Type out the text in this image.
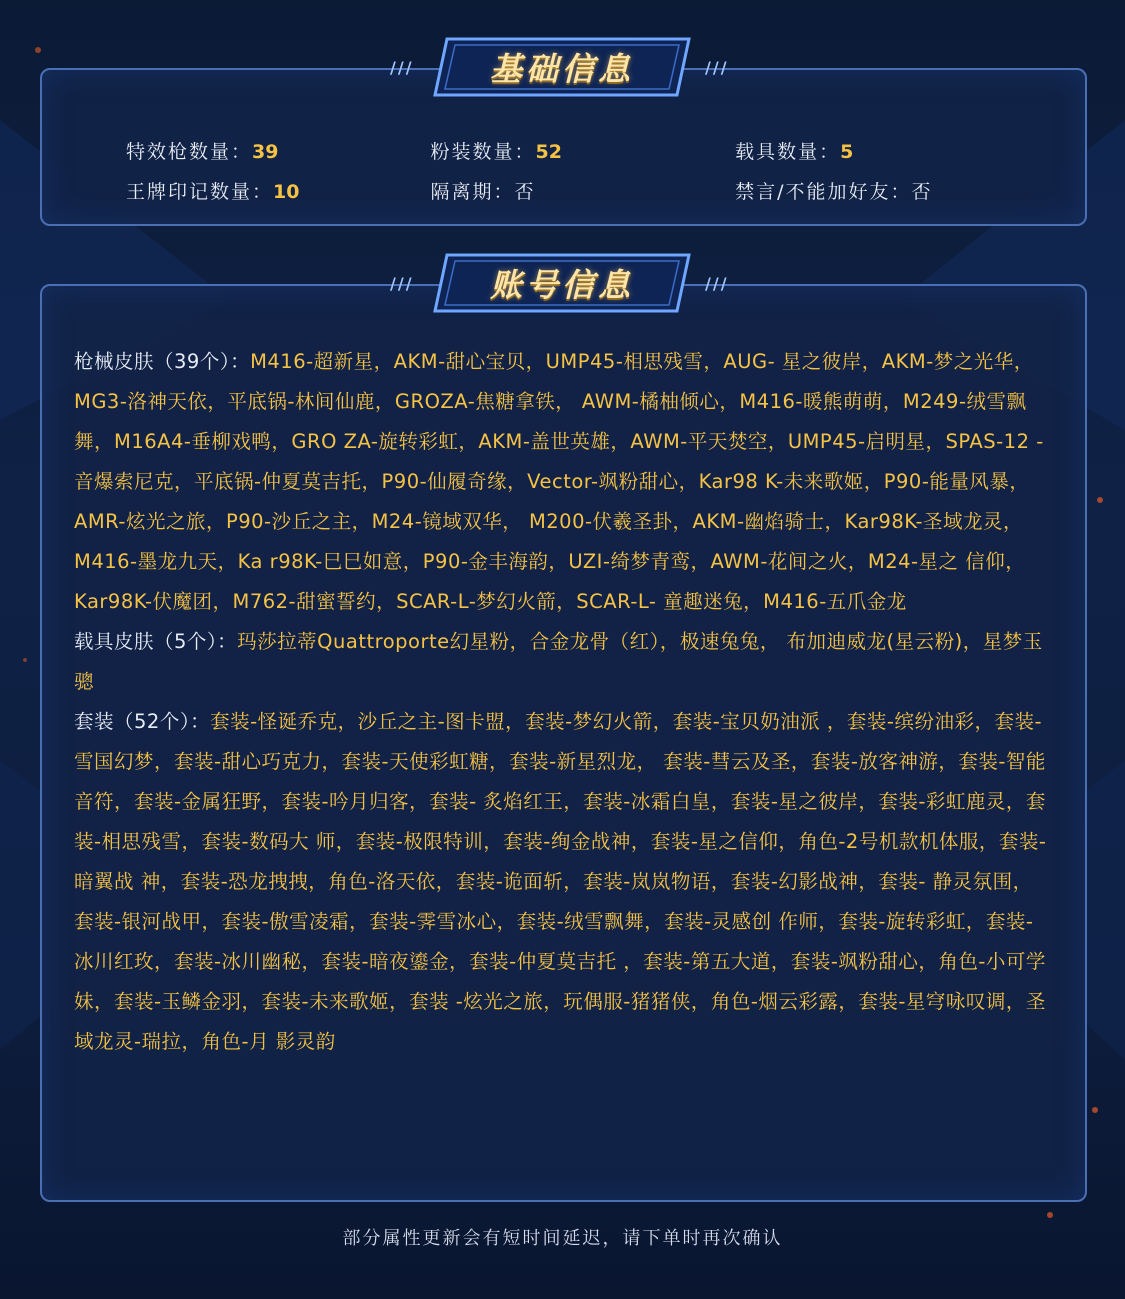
///	///
基础信息
特效枪数量：39	粉装数量：52	载具数量：5
王牌印记数量：10	隔离期：否	禁言/不能加好友：否
///	///
账号信息

枪械皮肤（39个）：M416-超新星，AKM-甜心宝贝，UMP45-相思残雪，AUG- 星之彼岸，AKM-梦之光华，MG3-洛神天依，平底锅-林间仙鹿，GROZA-焦糖拿铁， AWM-橘柚倾心，M416-暖熊萌萌，M249-绒雪飘舞，M16A4-垂柳戏鸭，GRO ZA-旋转彩虹，AKM-盖世英雄，AWM-平天焚空，UMP45-启明星，SPAS-12 -音爆索尼克，平底锅-仲夏莫吉托，P90-仙履奇缘，Vector-飒粉甜心，Kar98 K-未来歌姬，P90-能量风暴，AMR-炫光之旅，P90-沙丘之主，M24-镜域双华， M200-伏羲圣卦，AKM-幽焰骑士，Kar98K-圣域龙灵，M416-墨龙九天，Ka r98K-巳巳如意，P90-金丰海韵，UZI-绮梦青鸾，AWM-花间之火，M24-星之 信仰，Kar98K-伏魔团，M762-甜蜜誓约，SCAR-L-梦幻火箭，SCAR-L- 童趣迷兔，M416-五爪金龙

载具皮肤（5个）：玛莎拉蒂Quattroporte幻星粉，合金龙骨（红），极速兔兔， 布加迪威龙(星云粉)，星梦玉骢

套装（52个）：套装-怪诞乔克，沙丘之主-图卡盟，套装-梦幻火箭，套装-宝贝奶油派 ，套装-缤纷油彩，套装-雪国幻梦，套装-甜心巧克力，套装-天使彩虹糖，套装-新星烈龙， 套装-彗云及圣，套装-放客神游，套装-智能音符，套装-金属狂野，套装-吟月归客，套装- 炙焰红王，套装-冰霜白皇，套装-星之彼岸，套装-彩虹鹿灵，套装-相思残雪，套装-数码大 师，套装-极限特训，套装-绚金战神，套装-星之信仰，角色-2号机款机体服，套装-暗翼战 神，套装-恐龙拽拽，角色-洛天依，套装-诡面斩，套装-岚岚物语，套装-幻影战神，套装- 静灵氛围，套装-银河战甲，套装-傲雪凌霜，套装-霁雪冰心，套装-绒雪飘舞，套装-灵感创 作师，套装-旋转彩虹，套装-冰川红玫，套装-冰川幽秘，套装-暗夜鎏金，套装-仲夏莫吉托 ，套装-第五大道，套装-飒粉甜心，角色-小可学妹，套装-玉鳞金羽，套装-未来歌姬，套装 -炫光之旅，玩偶服-猪猪侠，角色-烟云彩露，套装-星穹咏叹调，圣域龙灵-瑞拉，角色-月 影灵韵

部分属性更新会有短时间延迟，请下单时再次确认
